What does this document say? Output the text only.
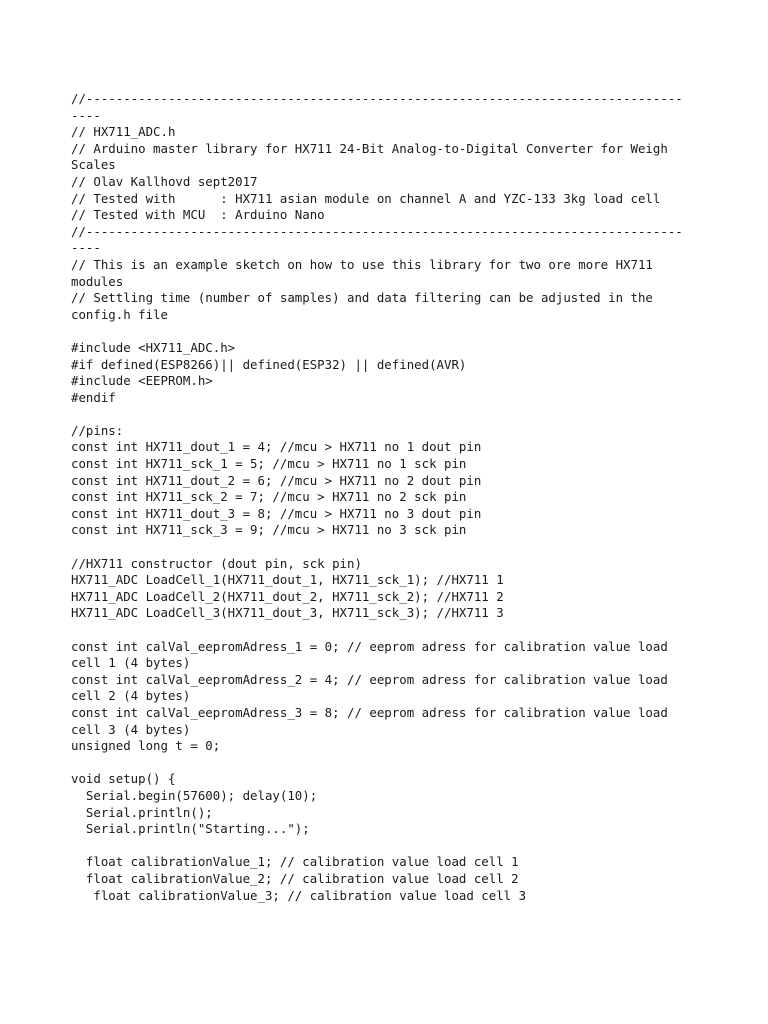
//--------------------------------------------------------------------------------
----
// HX711_ADC.h
// Arduino master library for HX711 24-Bit Analog-to-Digital Converter for Weigh
Scales
// Olav Kallhovd sept2017
// Tested with      : HX711 asian module on channel A and YZC-133 3kg load cell
// Tested with MCU  : Arduino Nano
//--------------------------------------------------------------------------------
----
// This is an example sketch on how to use this library for two ore more HX711
modules
// Settling time (number of samples) and data filtering can be adjusted in the
config.h file
#include <HX711_ADC.h>
#if defined(ESP8266)|| defined(ESP32) || defined(AVR)
#include <EEPROM.h>
#endif
//pins:
const int HX711_dout_1 = 4; //mcu > HX711 no 1 dout pin
const int HX711_sck_1 = 5; //mcu > HX711 no 1 sck pin
const int HX711_dout_2 = 6; //mcu > HX711 no 2 dout pin
const int HX711_sck_2 = 7; //mcu > HX711 no 2 sck pin
const int HX711_dout_3 = 8; //mcu > HX711 no 3 dout pin
const int HX711_sck_3 = 9; //mcu > HX711 no 3 sck pin
//HX711 constructor (dout pin, sck pin)
HX711_ADC LoadCell_1(HX711_dout_1, HX711_sck_1); //HX711 1
HX711_ADC LoadCell_2(HX711_dout_2, HX711_sck_2); //HX711 2
HX711_ADC LoadCell_3(HX711_dout_3, HX711_sck_3); //HX711 3
const int calVal_eepromAdress_1 = 0; // eeprom adress for calibration value load
cell 1 (4 bytes)
const int calVal_eepromAdress_2 = 4; // eeprom adress for calibration value load
cell 2 (4 bytes)
const int calVal_eepromAdress_3 = 8; // eeprom adress for calibration value load
cell 3 (4 bytes)
unsigned long t = 0;
void setup() {
Serial.begin(57600); delay(10);
Serial.println();
Serial.println("Starting...");
float calibrationValue_1; // calibration value load cell 1
float calibrationValue_2; // calibration value load cell 2
float calibrationValue_3; // calibration value load cell 3
